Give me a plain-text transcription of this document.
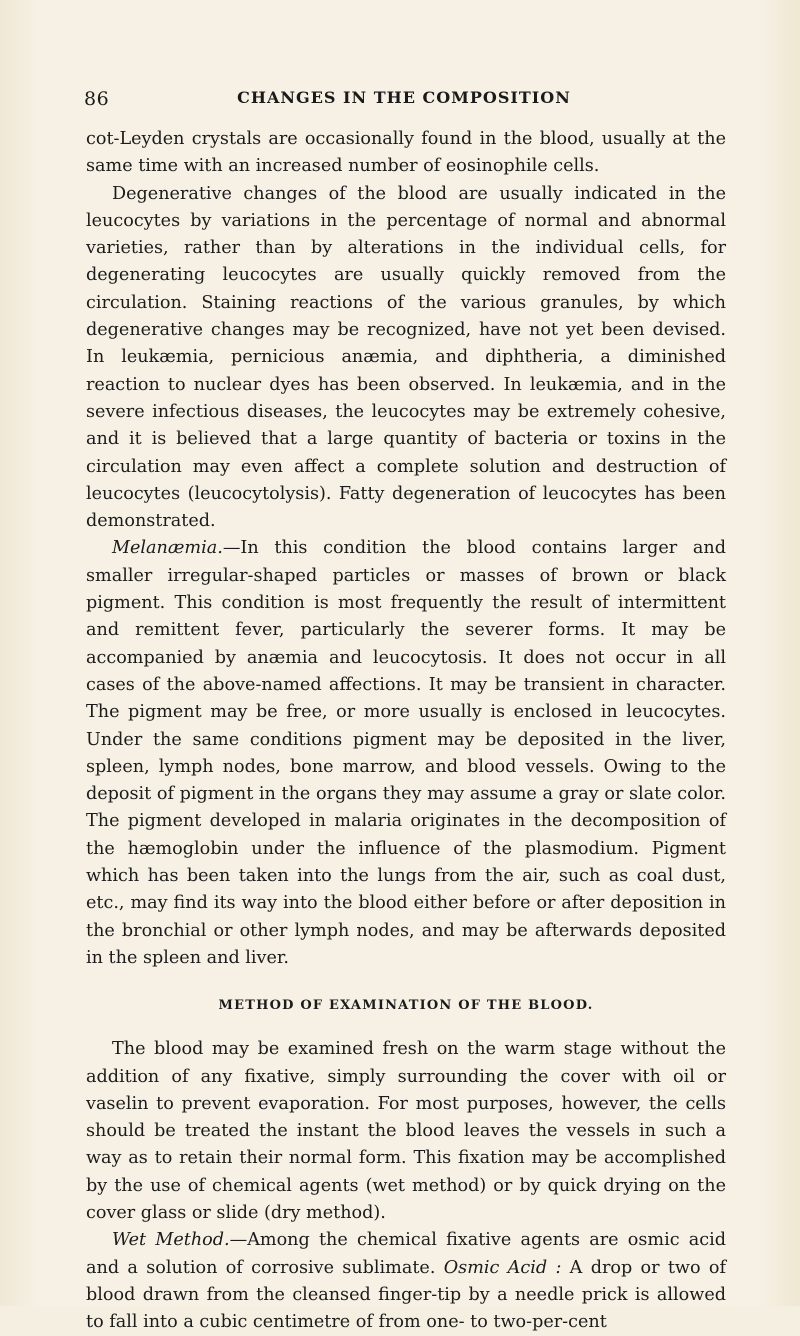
86	CHANGES IN THE COMPOSITION

cot-Leyden crystals are occasionally found in the blood, usually at the same time with an increased number of eosinophile cells.

Degenerative changes of the blood are usually indicated in the leucocytes by variations in the percentage of normal and abnormal varieties, rather than by alterations in the individual cells, for degenerating leucocytes are usually quickly removed from the circulation. Staining reactions of the various granules, by which degenerative changes may be recognized, have not yet been devised. In leukæmia, pernicious anæmia, and diphtheria, a diminished reaction to nuclear dyes has been observed. In leukæmia, and in the severe infectious diseases, the leucocytes may be extremely cohesive, and it is believed that a large quantity of bacteria or toxins in the circulation may even affect a complete solution and destruction of leucocytes (leucocytolysis). Fatty degeneration of leucocytes has been demonstrated.

Melanæmia.—In this condition the blood contains larger and smaller irregular-shaped particles or masses of brown or black pigment. This condition is most frequently the result of intermittent and remittent fever, particularly the severer forms. It may be accompanied by anæmia and leucocytosis. It does not occur in all cases of the above-named affections. It may be transient in character. The pigment may be free, or more usually is enclosed in leucocytes. Under the same conditions pigment may be deposited in the liver, spleen, lymph nodes, bone marrow, and blood vessels. Owing to the deposit of pigment in the organs they may assume a gray or slate color. The pigment developed in malaria originates in the decomposition of the hæmoglobin under the influence of the plasmodium. Pigment which has been taken into the lungs from the air, such as coal dust, etc., may find its way into the blood either before or after deposition in the bronchial or other lymph nodes, and may be afterwards deposited in the spleen and liver.

METHOD OF EXAMINATION OF THE BLOOD.

The blood may be examined fresh on the warm stage without the addition of any fixative, simply surrounding the cover with oil or vaselin to prevent evaporation. For most purposes, however, the cells should be treated the instant the blood leaves the vessels in such a way as to retain their normal form. This fixation may be accomplished by the use of chemical agents (wet method) or by quick drying on the cover glass or slide (dry method).

Wet Method.—Among the chemical fixative agents are osmic acid and a solution of corrosive sublimate. Osmic Acid : A drop or two of blood drawn from the cleansed finger-tip by a needle prick is allowed to fall into a cubic centimetre of from one- to two-per-cent
